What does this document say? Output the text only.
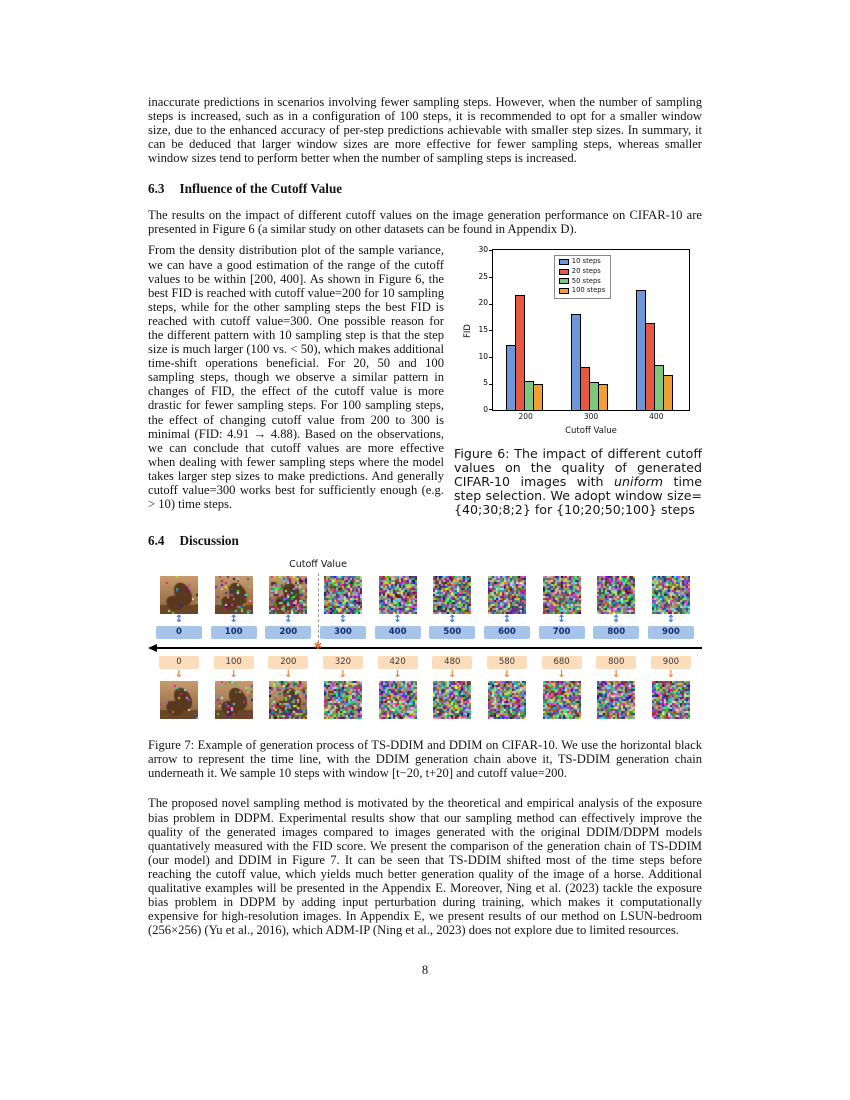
inaccurate predictions in scenarios involving fewer sampling steps. However, when the number of sampling steps is increased, such as in a configuration of 100 steps, it is recommended to opt for a smaller window size, due to the enhanced accuracy of per-step predictions achievable with smaller step sizes. In summary, it can be deduced that larger window sizes are more effective for fewer sampling steps, whereas smaller window sizes tend to perform better when the number of sampling steps is increased.

6.3 Influence of the Cutoff Value

The results on the impact of different cutoff values on the image generation performance on CIFAR-10 are presented in Figure 6 (a similar study on other datasets can be found in Appendix D).

From the density distribution plot of the sample variance, we can have a good estimation of the range of the cutoff values to be within [200, 400]. As shown in Figure 6, the best FID is reached with cutoff value=200 for 10 sampling steps, while for the other sampling steps the best FID is reached with cutoff value=300. One possible reason for the different pattern with 10 sampling step is that the step size is much larger (100 vs. < 50), which makes additional time-shift operations beneficial. For 20, 50 and 100 sampling steps, though we observe a similar pattern in changes of FID, the effect of the cutoff value is more drastic for fewer sampling steps. For 100 sampling steps, the effect of changing cutoff value from 200 to 300 is minimal (FID: 4.91 → 4.88). Based on the observations, we can conclude that cutoff values are more effective when dealing with fewer sampling steps where the model takes larger step sizes to make predictions. And generally cutoff value=300 works best for sufficiently enough (e.g. > 10) time steps.

FID
10 steps
20 steps
50 steps
100 steps
0
5
10
15
20
25
30
200	300	400
Cutoff Value

Figure 6: The impact of different cutoff values on the quality of generated CIFAR-10 images with uniform time step selection. We adopt window size= {40;30;8;2} for {10;20;50;100} steps

6.4 Discussion
Cutoff Value
✱
↕
0
0
↓
↕
100
100
↓
↕
200
200
↓
↕
300
320
↓
↕
400
420
↓
↕
500
480
↓
↕
600
580
↓
↕
700
680
↓
↕
800
800
↓
↕
900
900
↓

Figure 7: Example of generation process of TS-DDIM and DDIM on CIFAR-10. We use the horizontal black arrow to represent the time line, with the DDIM generation chain above it, TS-DDIM generation chain underneath it. We sample 10 steps with window [t−20, t+20] and cutoff value=200.

The proposed novel sampling method is motivated by the theoretical and empirical analysis of the exposure bias problem in DDPM. Experimental results show that our sampling method can effectively improve the quality of the generated images compared to images generated with the original DDIM/DDPM models quantatively measured with the FID score. We present the comparison of the generation chain of TS-DDIM (our model) and DDIM in Figure 7. It can be seen that TS-DDIM shifted most of the time steps before reaching the cutoff value, which yields much better generation quality of the image of a horse. Additional qualitative examples will be presented in the Appendix E. Moreover, Ning et al. (2023) tackle the exposure bias problem in DDPM by adding input perturbation during training, which makes it computationally expensive for high-resolution images. In Appendix E, we present results of our method on LSUN-bedroom (256×256) (Yu et al., 2016), which ADM-IP (Ning et al., 2023) does not explore due to limited resources.

8
